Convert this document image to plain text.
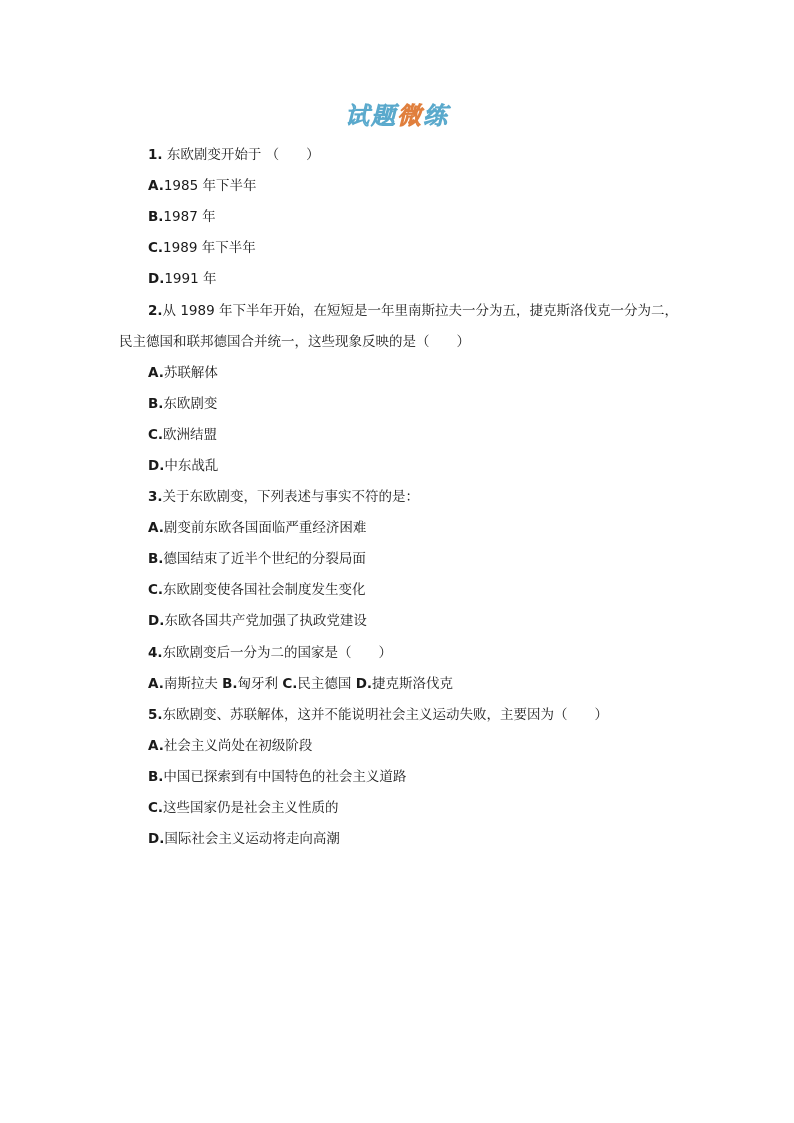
试题微练
1. 东欧剧变开始于 （　　）
A.1985 年下半年
B.1987 年
C.1989 年下半年
D.1991 年
2.从 1989 年下半年开始，在短短是一年里南斯拉夫一分为五，捷克斯洛伐克一分为二，
民主德国和联邦德国合并统一，这些现象反映的是（　　）
A.苏联解体
B.东欧剧变
C.欧洲结盟
D.中东战乱
3.关于东欧剧变，下列表述与事实不符的是：
A.剧变前东欧各国面临严重经济困难
B.德国结束了近半个世纪的分裂局面
C.东欧剧变使各国社会制度发生变化
D.东欧各国共产党加强了执政党建设
4.东欧剧变后一分为二的国家是（　　）
A.南斯拉夫 B.匈牙利 C.民主德国 D.捷克斯洛伐克
5.东欧剧变、苏联解体，这并不能说明社会主义运动失败，主要因为（　　）
A.社会主义尚处在初级阶段
B.中国已探索到有中国特色的社会主义道路
C.这些国家仍是社会主义性质的
D.国际社会主义运动将走向高潮
